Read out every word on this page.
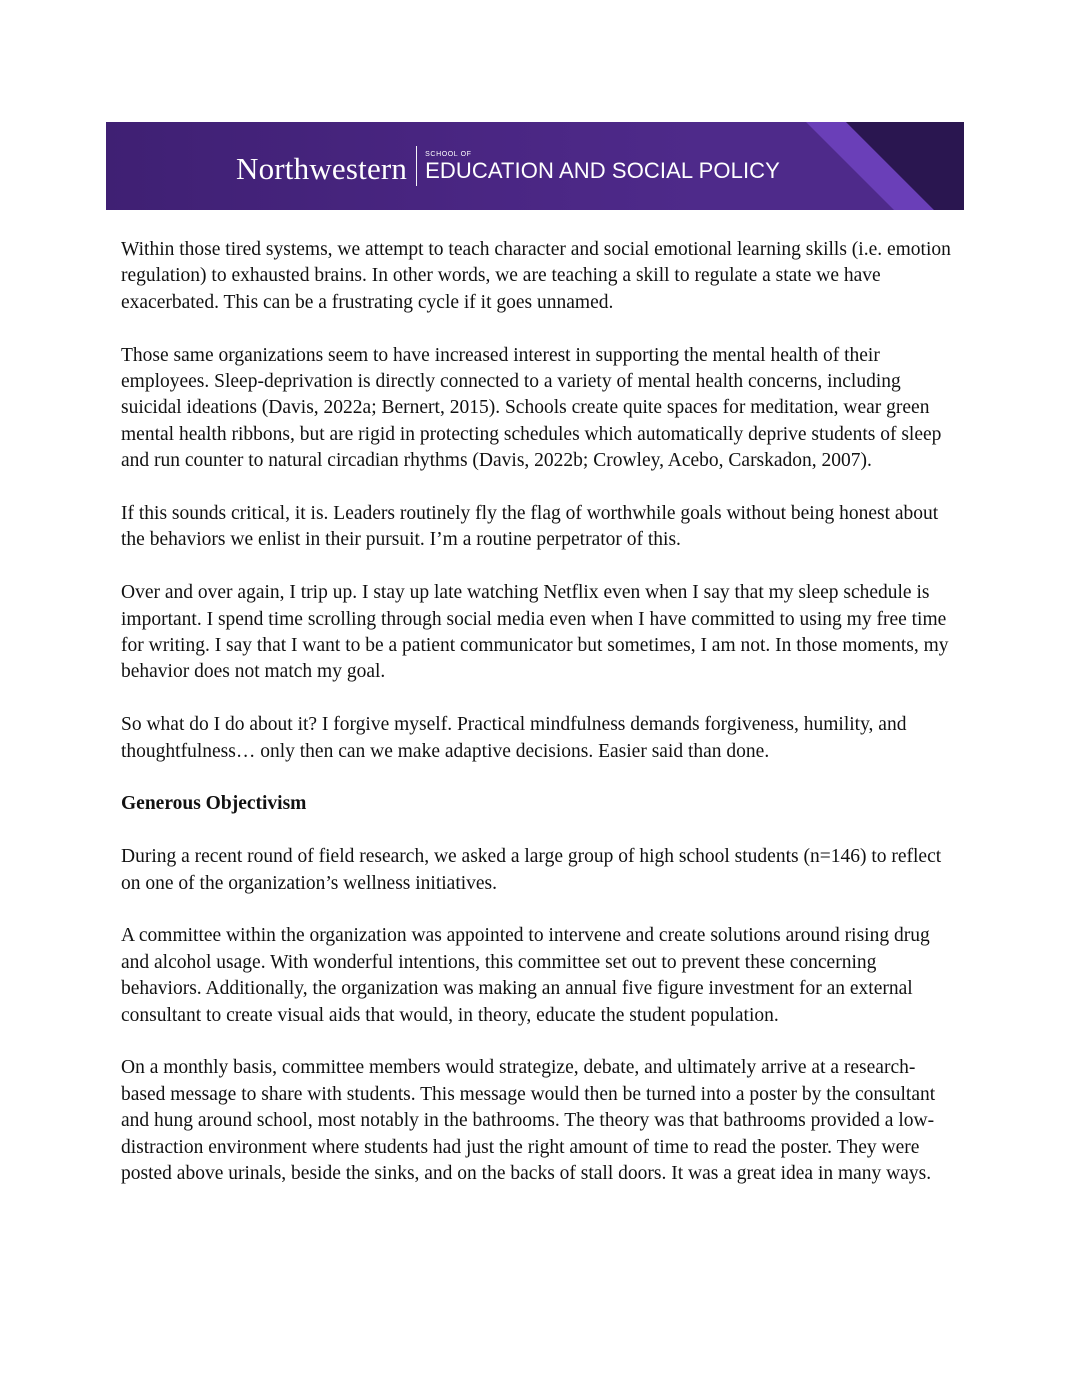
Northwestern	SCHOOL OF
EDUCATION AND SOCIAL POLICY

Within those tired systems, we attempt to teach character and social emotional learning skills (i.e. emotion regulation) to exhausted brains. In other words, we are teaching a skill to regulate a state we have exacerbated. This can be a frustrating cycle if it goes unnamed.

Those same organizations seem to have increased interest in supporting the mental health of their employees. Sleep-deprivation is directly connected to a variety of mental health concerns, including suicidal ideations (Davis, 2022a; Bernert, 2015). Schools create quite spaces for meditation, wear green mental health ribbons, but are rigid in protecting schedules which automatically deprive students of sleep and run counter to natural circadian rhythms (Davis, 2022b; Crowley, Acebo, Carskadon, 2007).

If this sounds critical, it is. Leaders routinely fly the flag of worthwhile goals without being honest about the behaviors we enlist in their pursuit. I’m a routine perpetrator of this.

Over and over again, I trip up. I stay up late watching Netflix even when I say that my sleep schedule is important. I spend time scrolling through social media even when I have committed to using my free time for writing. I say that I want to be a patient communicator but sometimes, I am not. In those moments, my behavior does not match my goal.

So what do I do about it? I forgive myself. Practical mindfulness demands forgiveness, humility, and thoughtfulness… only then can we make adaptive decisions. Easier said than done.

Generous Objectivism

During a recent round of field research, we asked a large group of high school students (n=146) to reflect on one of the organization’s wellness initiatives.

A committee within the organization was appointed to intervene and create solutions around rising drug and alcohol usage. With wonderful intentions, this committee set out to prevent these concerning behaviors. Additionally, the organization was making an annual five figure investment for an external consultant to create visual aids that would, in theory, educate the student population.

On a monthly basis, committee members would strategize, debate, and ultimately arrive at a research-based message to share with students. This message would then be turned into a poster by the consultant and hung around school, most notably in the bathrooms. The theory was that bathrooms provided a low-distraction environment where students had just the right amount of time to read the poster. They were posted above urinals, beside the sinks, and on the backs of stall doors. It was a great idea in many ways.
